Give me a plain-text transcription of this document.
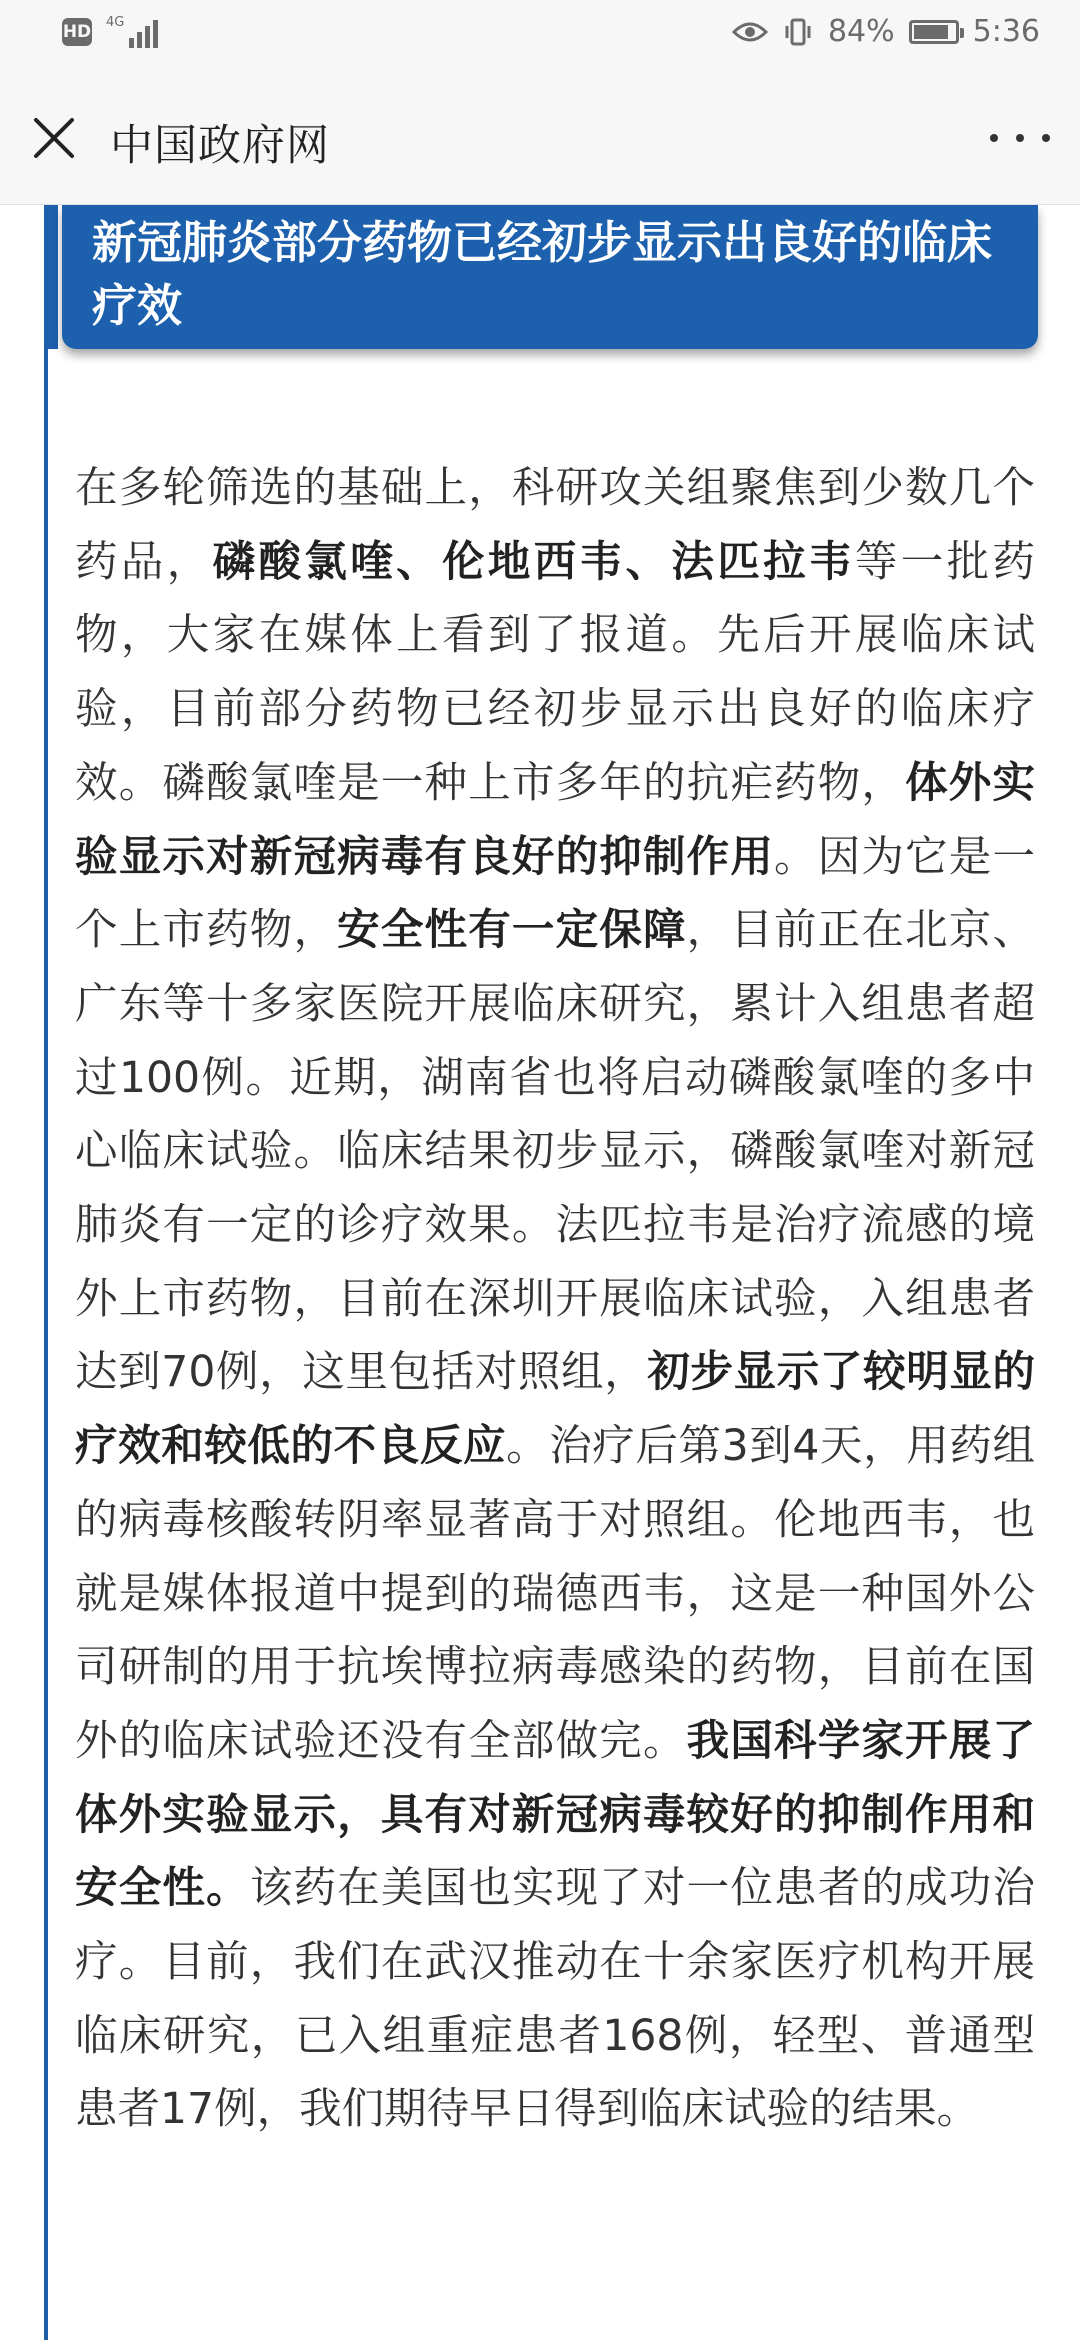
HD 4G	84%	5:36
中国政府网
新冠肺炎部分药物已经初步显示出良好的临床疗效
在多轮筛选的基础上，科研攻关组聚焦到少数几个药品，磷酸氯喹、伦地西韦、法匹拉韦等一批药物，大家在媒体上看到了报道。先后开展临床试验，目前部分药物已经初步显示出良好的临床疗效。磷酸氯喹是一种上市多年的抗疟药物，体外实验显示对新冠病毒有良好的抑制作用。因为它是一个上市药物，安全性有一定保障，目前正在北京、广东等十多家医院开展临床研究，累计入组患者超过100例。近期，湖南省也将启动磷酸氯喹的多中心临床试验。临床结果初步显示，磷酸氯喹对新冠肺炎有一定的诊疗效果。法匹拉韦是治疗流感的境外上市药物，目前在深圳开展临床试验，入组患者达到70例，这里包括对照组，初步显示了较明显的疗效和较低的不良反应。治疗后第3到4天，用药组的病毒核酸转阴率显著高于对照组。伦地西韦，也就是媒体报道中提到的瑞德西韦，这是一种国外公司研制的用于抗埃博拉病毒感染的药物，目前在国外的临床试验还没有全部做完。我国科学家开展了体外实验显示，具有对新冠病毒较好的抑制作用和安全性。该药在美国也实现了对一位患者的成功治疗。目前，我们在武汉推动在十余家医疗机构开展临床研究，已入组重症患者168例，轻型、普通型患者17例，我们期待早日得到临床试验的结果。
